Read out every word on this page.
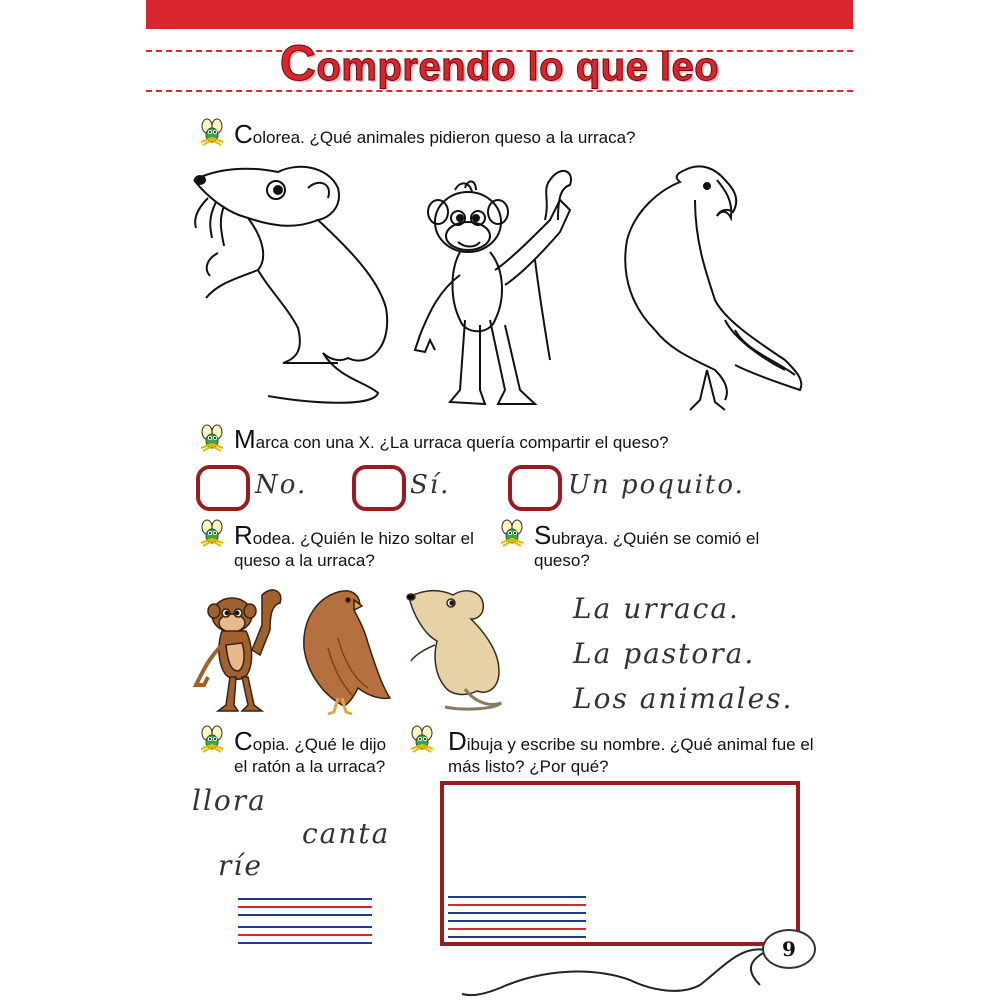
Comprendo lo que leo
Colorea. ¿Qué animales pidieron queso a la urraca?
Marca con una X. ¿La urraca quería compartir el queso?
No.	Sí.	Un poquito.
Rodea. ¿Quién le hizo soltar el
queso a la urraca?
Subraya. ¿Quién se comió el
queso?
La urraca.
La pastora.
Los animales.
Copia. ¿Qué le dijo
el ratón a la urraca?
llora
canta
ríe
Dibuja y escribe su nombre. ¿Qué animal fue el
más listo? ¿Por qué?
9
